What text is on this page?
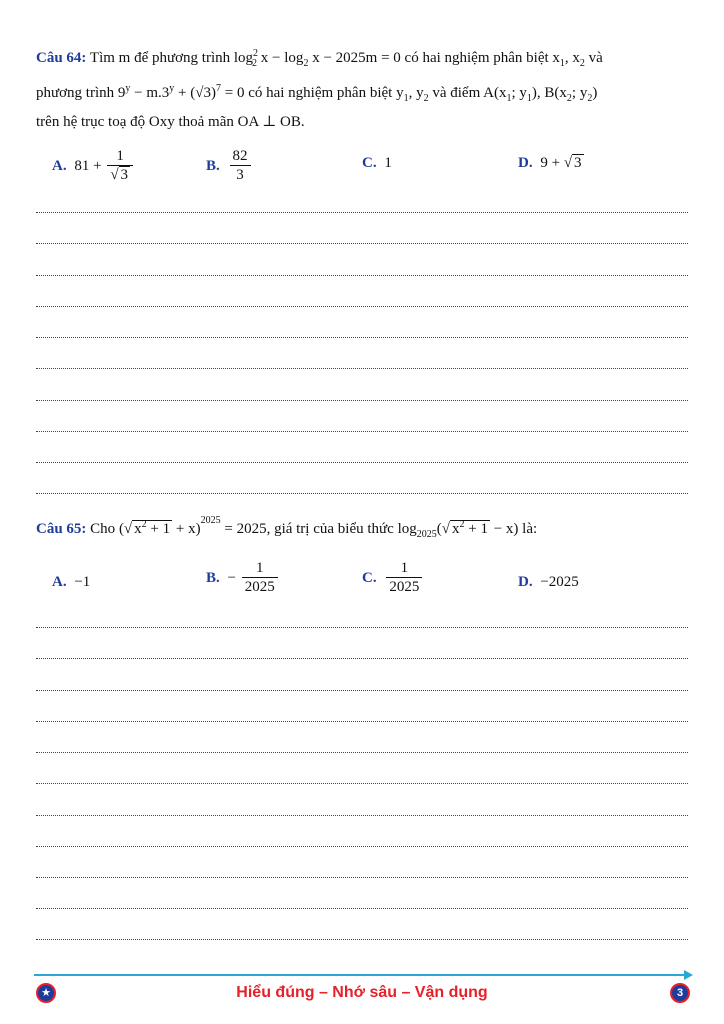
Câu 64: Tìm m để phương trình $\log^2_2 x - \log_2 x - 2025m = 0$ có hai nghiệm phân biệt $x_1$, $x_2$ và
phương trình $9^y - m.3^y + (√3)^7 = 0$ có hai nghiệm phân biệt $y_1$, $y_2$ và điểm $A(x_1$; $y_1$), $B(x_2$; $y_2$)
trên hệ trục toạ độ Oxy thoả mãn OA ⊥ OB.
A. $81 + \frac{1}{√ 3}$	B. $\frac{82}{3}$	C. 1	D. 9 + √ 3
Câu 65: Cho (√ $x^2 + 1 + x)^{2025} = 2025$, giá trị của biểu thức $\log_{2025}(√$ $x^2 + 1 - x$) là:
A. −1	B. − $\frac{1}{2025}$	C. $\frac{1}{2025}$	D. −2025
★	Hiểu đúng – Nhớ sâu – Vận dụng	3
